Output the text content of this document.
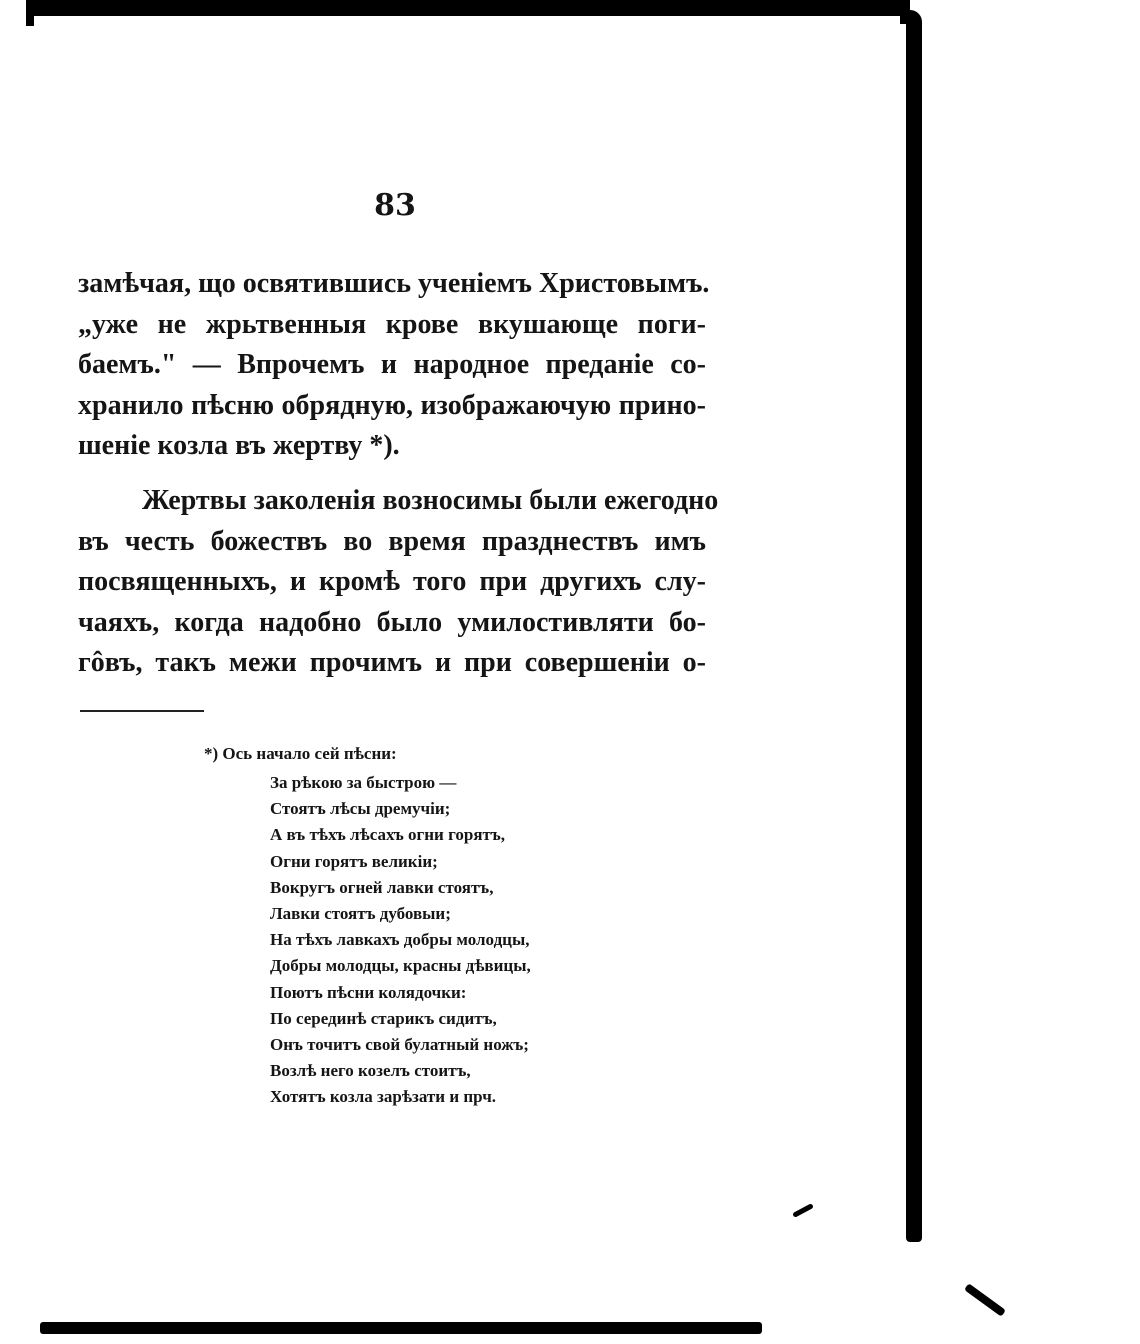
83

замѣчая, що освятившись ученіемъ Христовымъ.
„уже не жрьтвенныя крове вкушающе поги-
баемъ." — Впрочемъ и народное преданіе со-
хранило пѣсню обрядную, изображаючую прино-
шеніе козла въ жертву *).

Жертвы заколенія возносимы были ежегодно
въ честь божествъ во время празднествъ имъ
посвященныхъ, и кромѣ того при другихъ слу-
чаяхъ, когда надобно было умилостивляти бо-
гôвъ, такъ межи прочимъ и при совершеніи о-

*) Ось начало сей пѣсни:
За рѣкою за быстрою —
Стоятъ лѣсы дремучіи;
А въ тѣхъ лѣсахъ огни горятъ,
Огни горятъ великіи;
Вокругъ огней лавки стоятъ,
Лавки стоятъ дубовыи;
На тѣхъ лавкахъ добры молодцы,
Добры молодцы, красны дѣвицы,
Поютъ пѣсни колядочки:
По серединѣ старикъ сидитъ,
Онъ точитъ свой булатный ножъ;
Возлѣ него козелъ стоитъ,
Хотятъ козла зарѣзати и прч.
